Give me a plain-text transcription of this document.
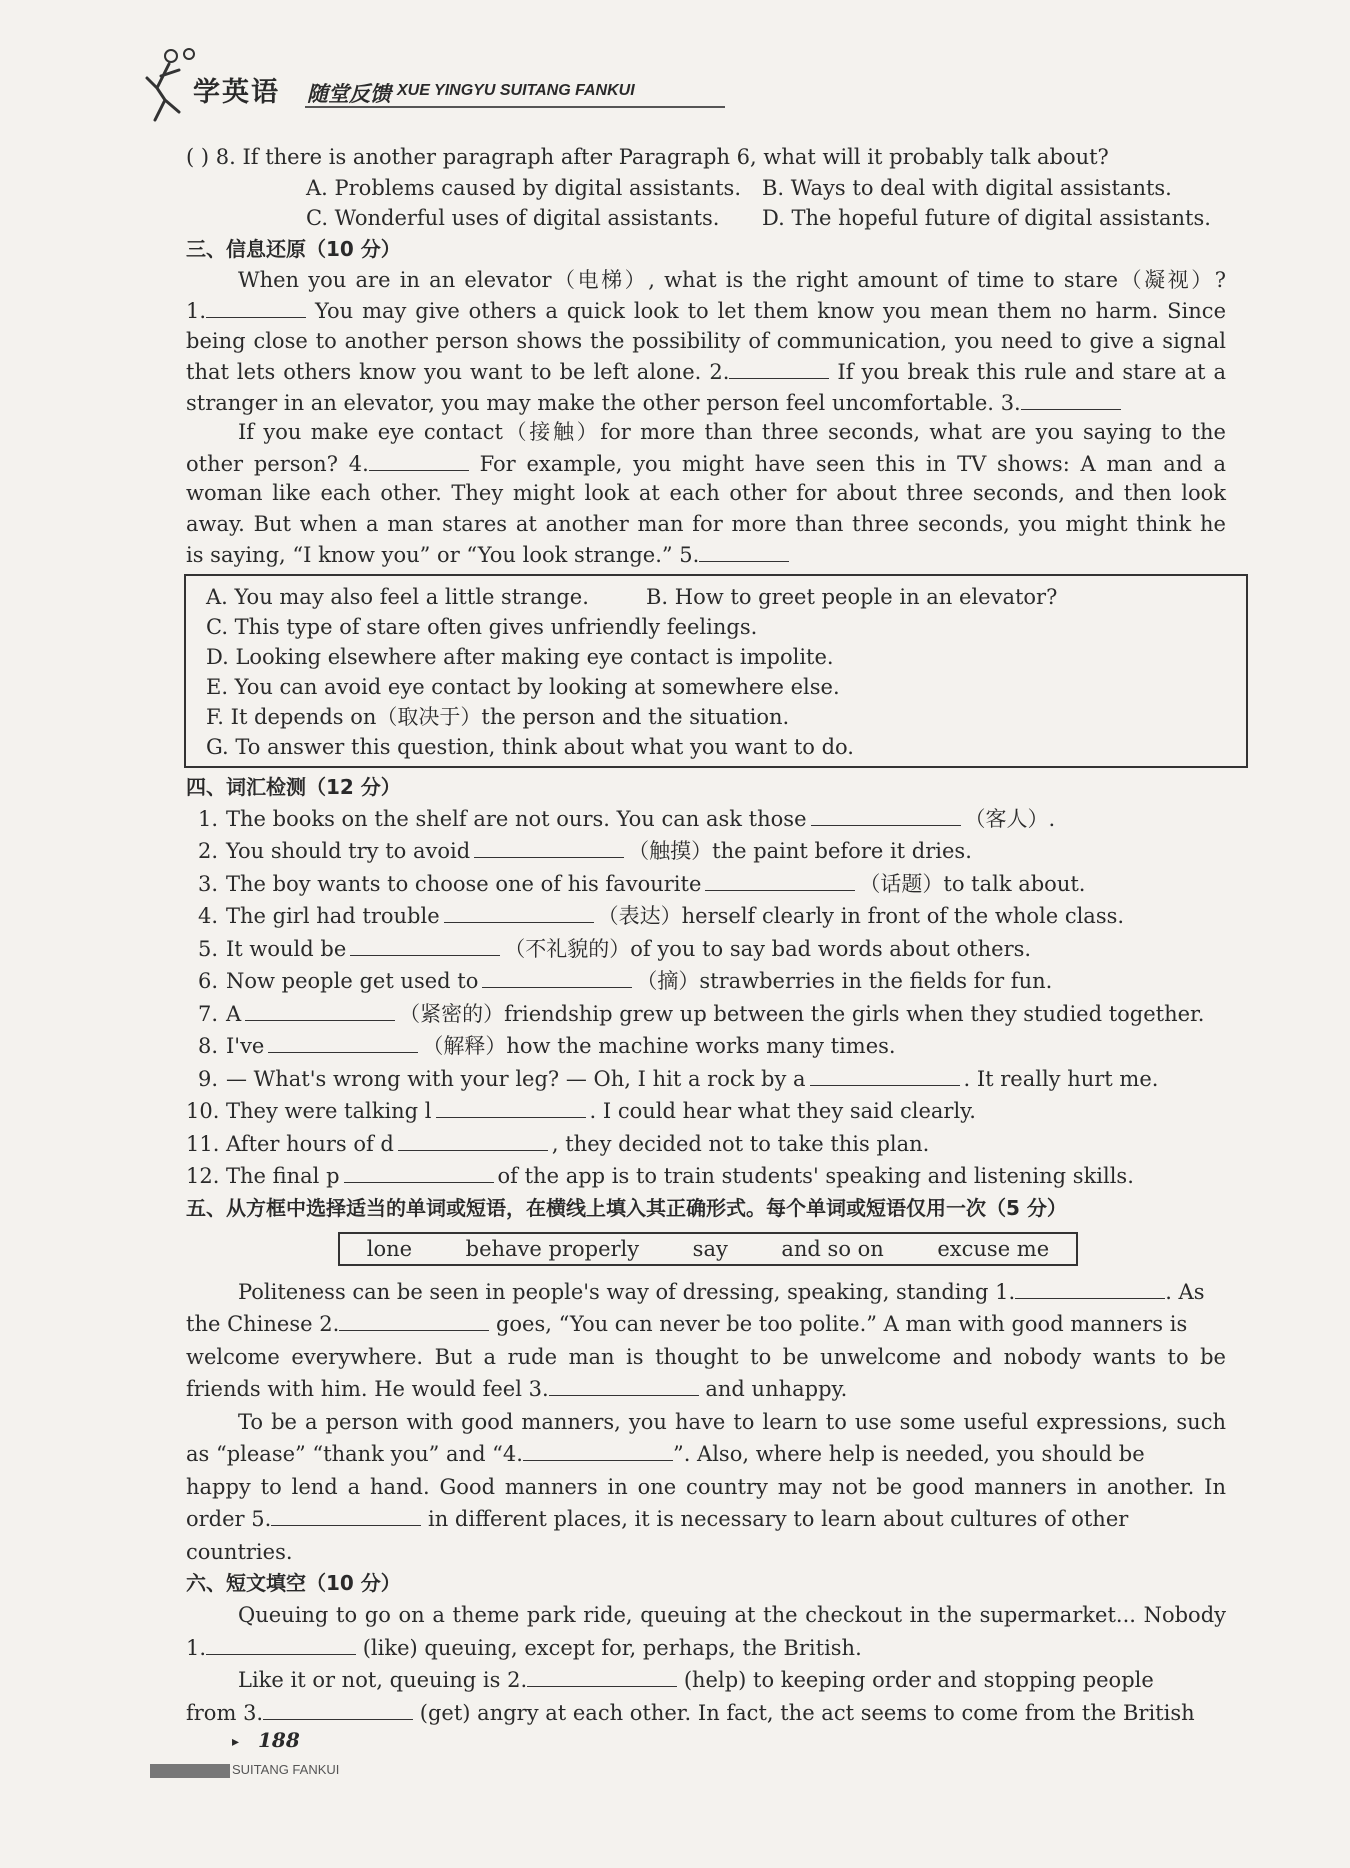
学英语 随堂反馈 XUE YINGYU SUITANG FANKUI
( ) 8. If there is another paragraph after Paragraph 6, what will it probably talk about?
A. Problems caused by digital assistants. B. Ways to deal with digital assistants.
C. Wonderful uses of digital assistants. D. The hopeful future of digital assistants.
三、信息还原（10 分）
When you are in an elevator（电梯）, what is the right amount of time to stare（凝视）?
1.	You may give others a quick look to let them know you mean them no harm. Since
being close to another person shows the possibility of communication, you need to give a signal
that lets others know you want to be left alone. 2.	If you break this rule and stare at a
stranger in an elevator, you may make the other person feel uncomfortable. 3.
If you make eye contact（接触）for more than three seconds, what are you saying to the
other person? 4.	For example, you might have seen this in TV shows: A man and a
woman like each other. They might look at each other for about three seconds, and then look
away. But when a man stares at another man for more than three seconds, you might think he
is saying, “I know you” or “You look strange.” 5.
A. You may also feel a little strange.	B. How to greet people in an elevator?
C. This type of stare often gives unfriendly feelings.
D. Looking elsewhere after making eye contact is impolite.
E. You can avoid eye contact by looking at somewhere else.
F. It depends on（取决于）the person and the situation.
G. To answer this question, think about what you want to do.
四、词汇检测（12 分）
1. The books on the shelf are not ours. You can ask those	（客人）.
2. You should try to avoid	（触摸）the paint before it dries.
3. The boy wants to choose one of his favourite	（话题）to talk about.
4. The girl had trouble	（表达）herself clearly in front of the whole class.
5. It would be	（不礼貌的）of you to say bad words about others.
6. Now people get used to	（摘）strawberries in the fields for fun.
7. A	（紧密的）friendship grew up between the girls when they studied together.
8. I've	（解释）how the machine works many times.
9. — What's wrong with your leg? — Oh, I hit a rock by a	. It really hurt me.
10. They were talking l	. I could hear what they said clearly.
11. After hours of d	, they decided not to take this plan.
12. The final p	of the app is to train students' speaking and listening skills.
五、从方框中选择适当的单词或短语，在横线上填入其正确形式。每个单词或短语仅用一次（5 分）
lone	behave properly	say	and so on	excuse me
Politeness can be seen in people's way of dressing, speaking, standing 1.	. As
the Chinese 2.	goes, “You can never be too polite.” A man with good manners is
welcome everywhere. But a rude man is thought to be unwelcome and nobody wants to be
friends with him. He would feel 3.	and unhappy.
To be a person with good manners, you have to learn to use some useful expressions, such
as “please” “thank you” and “4.	”. Also, where help is needed, you should be
happy to lend a hand. Good manners in one country may not be good manners in another. In
order 5.	in different places, it is necessary to learn about cultures of other
countries.
六、短文填空（10 分）
Queuing to go on a theme park ride, queuing at the checkout in the supermarket... Nobody
1.	(like) queuing, except for, perhaps, the British.
Like it or not, queuing is 2.	(help) to keeping order and stopping people
from 3.	(get) angry at each other. In fact, the act seems to come from the British
▸ 188
SUITANG FANKUI
